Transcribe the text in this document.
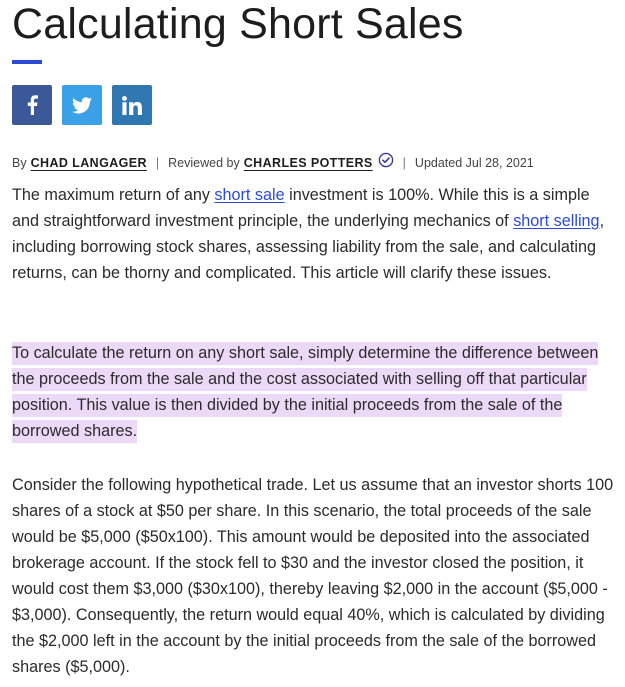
Calculating Short Sales
By CHAD LANGAGER | Reviewed by CHARLES POTTERS | Updated Jul 28, 2021

The maximum return of any short sale investment is 100%. While this is a simple and straightforward investment principle, the underlying mechanics of short selling, including borrowing stock shares, assessing liability from the sale, and calculating returns, can be thorny and complicated. This article will clarify these issues.

To calculate the return on any short sale, simply determine the difference between the proceeds from the sale and the cost associated with selling off that particular position. This value is then divided by the initial proceeds from the sale of the borrowed shares.

Consider the following hypothetical trade. Let us assume that an investor shorts 100 shares of a stock at $50 per share. In this scenario, the total proceeds of the sale would be $5,000 ($50x100). This amount would be deposited into the associated brokerage account. If the stock fell to $30 and the investor closed the position, it would cost them $3,000 ($30x100), thereby leaving $2,000 in the account ($5,000 - $3,000). Consequently, the return would equal 40%, which is calculated by dividing the $2,000 left in the account by the initial proceeds from the sale of the borrowed shares ($5,000).
